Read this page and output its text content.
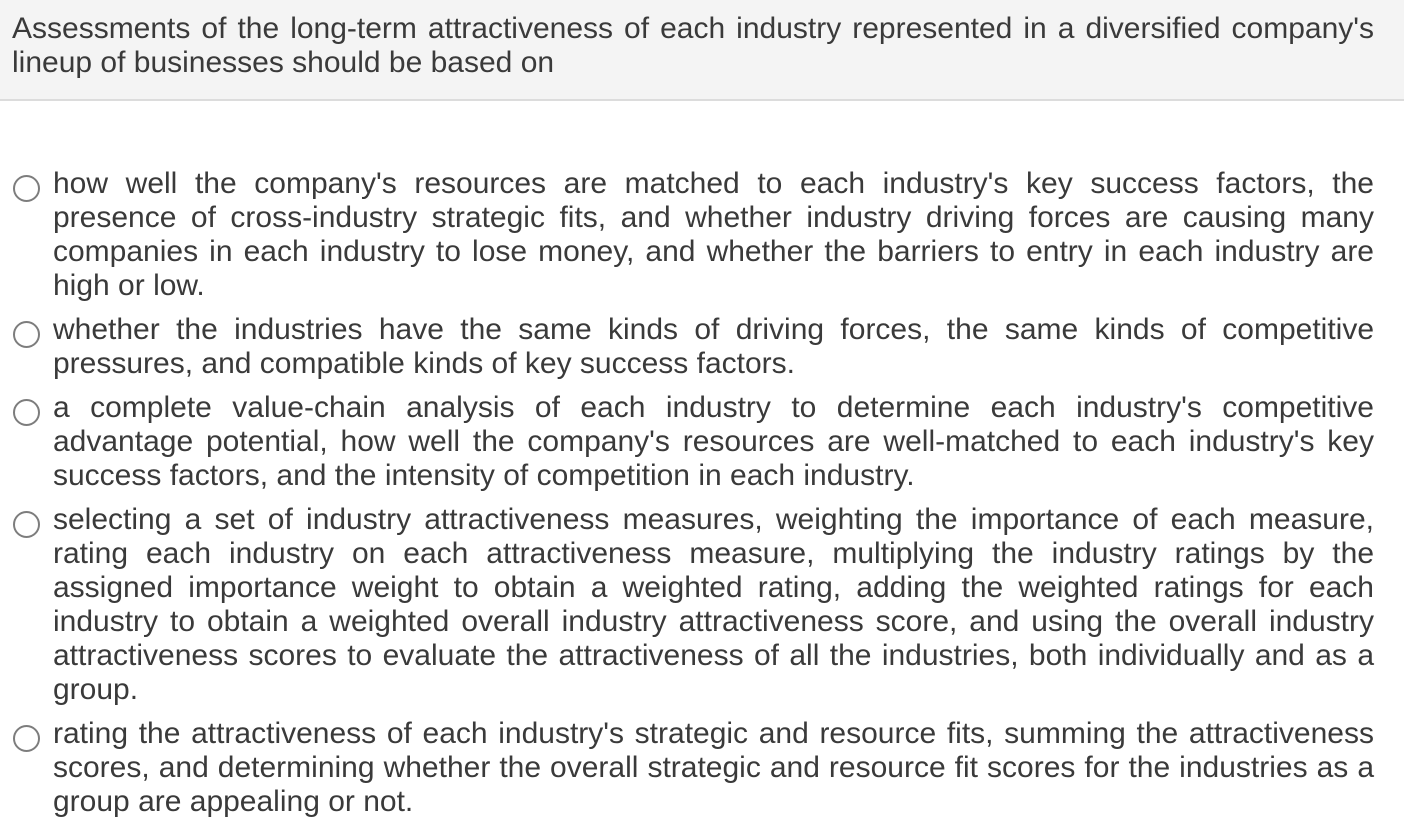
Assessments of the long-term attractiveness of each industry represented in a diversified company's lineup of businesses should be based on

how well the company's resources are matched to each industry's key success factors, the presence of cross-industry strategic fits, and whether industry driving forces are causing many companies in each industry to lose money, and whether the barriers to entry in each industry are high or low.
whether the industries have the same kinds of driving forces, the same kinds of competitive pressures, and compatible kinds of key success factors.
a complete value-chain analysis of each industry to determine each industry's competitive advantage potential, how well the company's resources are well-matched to each industry's key success factors, and the intensity of competition in each industry.
selecting a set of industry attractiveness measures, weighting the importance of each measure, rating each industry on each attractiveness measure, multiplying the industry ratings by the assigned importance weight to obtain a weighted rating, adding the weighted ratings for each industry to obtain a weighted overall industry attractiveness score, and using the overall industry attractiveness scores to evaluate the attractiveness of all the industries, both individually and as a group.
rating the attractiveness of each industry's strategic and resource fits, summing the attractiveness scores, and determining whether the overall strategic and resource fit scores for the industries as a group are appealing or not.
